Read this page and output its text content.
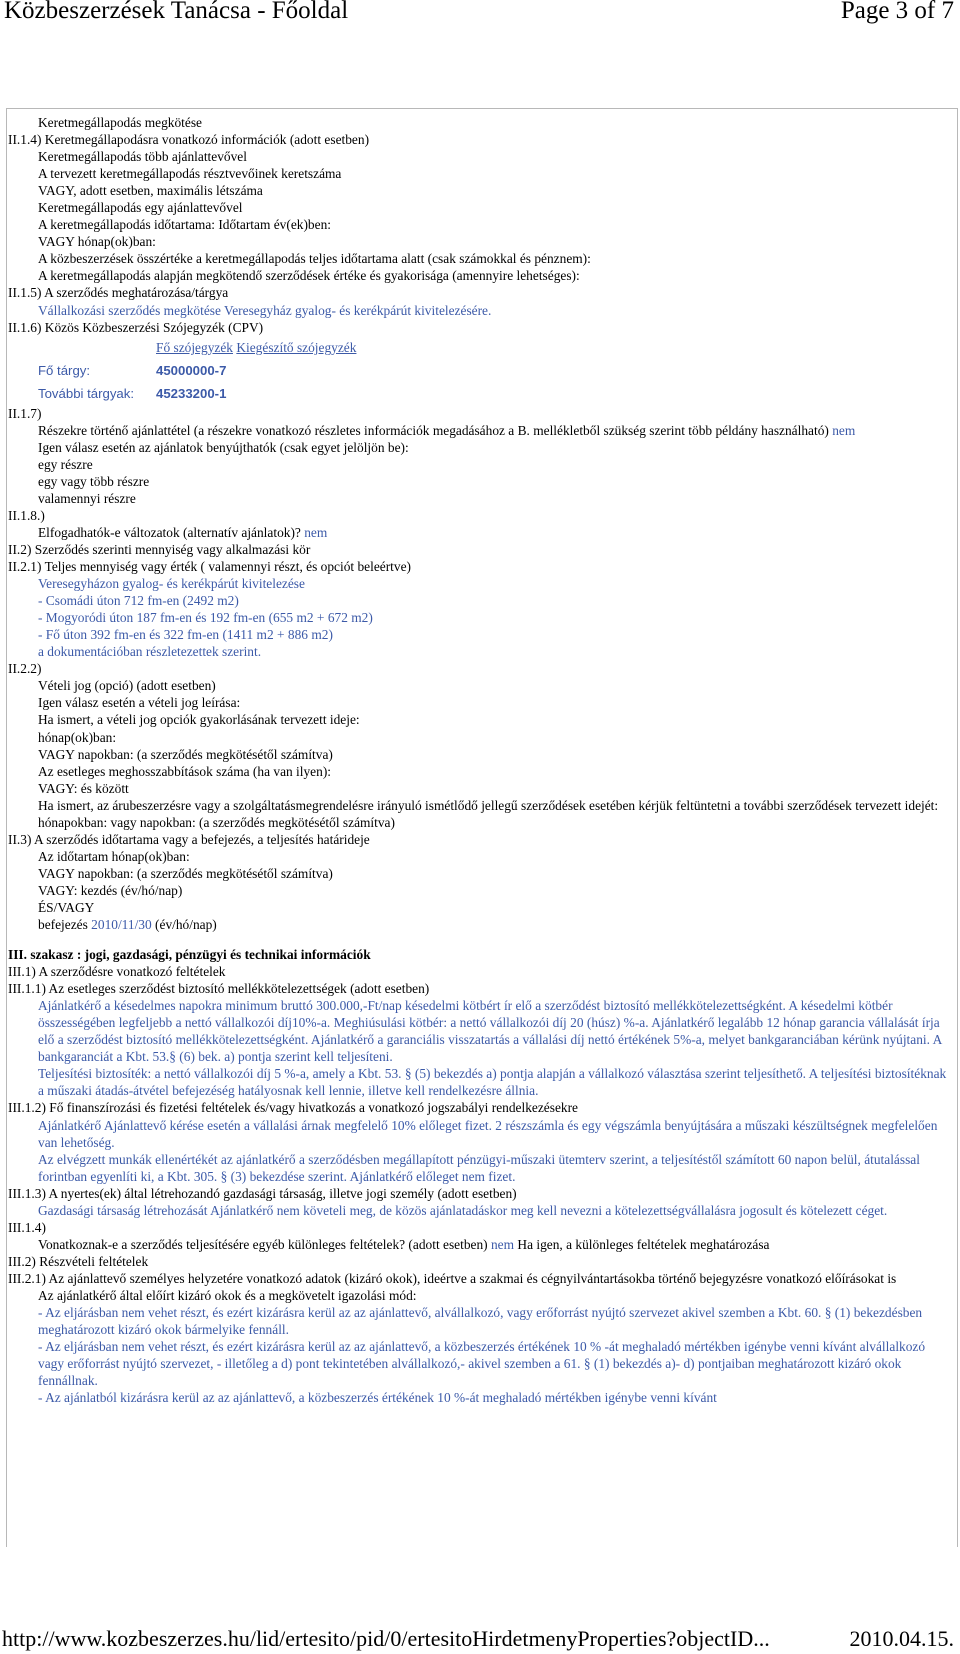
Közbeszerzések Tanácsa - Főoldal	Page 3 of 7
Keretmegállapodás megkötése
II.1.4) Keretmegállapodásra vonatkozó információk (adott esetben)
Keretmegállapodás több ajánlattevővel
A tervezett keretmegállapodás résztvevőinek keretszáma
VAGY, adott esetben, maximális létszáma
Keretmegállapodás egy ajánlattevővel
A keretmegállapodás időtartama: Időtartam év(ek)ben:
VAGY hónap(ok)ban:
A közbeszerzések összértéke a keretmegállapodás teljes időtartama alatt (csak számokkal és pénznem):
A keretmegállapodás alapján megkötendő szerződések értéke és gyakorisága (amennyire lehetséges):
II.1.5) A szerződés meghatározása/tárgya
Vállalkozási szerződés megkötése Veresegyház gyalog- és kerékpárút kivitelezésére.
II.1.6) Közös Közbeszerzési Szójegyzék (CPV)
Fő szójegyzék Kiegészítő szójegyzék
Fő tárgy:	45000000-7
További tárgyak: 45233200-1
II.1.7)
Részekre történő ajánlattétel (a részekre vonatkozó részletes információk megadásához a B. mellékletből szükség szerint több példány használható) nem
Igen válasz esetén az ajánlatok benyújthatók (csak egyet jelöljön be):
egy részre
egy vagy több részre
valamennyi részre
II.1.8.)
Elfogadhatók-e változatok (alternatív ajánlatok)? nem
II.2) Szerződés szerinti mennyiség vagy alkalmazási kör
II.2.1) Teljes mennyiség vagy érték ( valamennyi részt, és opciót beleértve)
Veresegyházon gyalog- és kerékpárút kivitelezése
- Csomádi úton 712 fm-en (2492 m2)
- Mogyoródi úton 187 fm-en és 192 fm-en (655 m2 + 672 m2)
- Fő úton 392 fm-en és 322 fm-en (1411 m2 + 886 m2)
a dokumentációban részletezettek szerint.
II.2.2)
Vételi jog (opció) (adott esetben)
Igen válasz esetén a vételi jog leírása:
Ha ismert, a vételi jog opciók gyakorlásának tervezett ideje:
hónap(ok)ban:
VAGY napokban: (a szerződés megkötésétől számítva)
Az esetleges meghosszabbítások száma (ha van ilyen):
VAGY: és között
Ha ismert, az árubeszerzésre vagy a szolgáltatásmegrendelésre irányuló ismétlődő jellegű szerződések esetében kérjük feltüntetni a további szerződések tervezett idejét: hónapokban: vagy napokban: (a szerződés megkötésétől számítva)
II.3) A szerződés időtartama vagy a befejezés, a teljesítés határideje
Az időtartam hónap(ok)ban:
VAGY napokban: (a szerződés megkötésétől számítva)
VAGY: kezdés (év/hó/nap)
ÉS/VAGY
befejezés 2010/11/30 (év/hó/nap)
III. szakasz : jogi, gazdasági, pénzügyi és technikai információk
III.1) A szerződésre vonatkozó feltételek
III.1.1) Az esetleges szerződést biztosító mellékkötelezettségek (adott esetben)
Ajánlatkérő a késedelmes napokra minimum bruttó 300.000,-Ft/nap késedelmi kötbért ír elő a szerződést biztosító mellékkötelezettségként. A késedelmi kötbér összességében legfeljebb a nettó vállalkozói díj10%-a. Meghiúsulási kötbér: a nettó vállalkozói díj 20 (húsz) %-a. Ajánlatkérő legalább 12 hónap garancia vállalását írja elő a szerződést biztosító mellékkötelezettségként. Ajánlatkérő a garanciális visszatartás a vállalási díj nettó értékének 5%-a, melyet bankgaranciában kérünk nyújtani. A bankgaranciát a Kbt. 53.§ (6) bek. a) pontja szerint kell teljesíteni.
Teljesítési biztosíték: a nettó vállalkozói díj 5 %-a, amely a Kbt. 53. § (5) bekezdés a) pontja alapján a vállalkozó választása szerint teljesíthető. A teljesítési biztosítéknak a műszaki átadás-átvétel befejezéség hatályosnak kell lennie, illetve kell rendelkezésre állnia.
III.1.2) Fő finanszírozási és fizetési feltételek és/vagy hivatkozás a vonatkozó jogszabályi rendelkezésekre
Ajánlatkérő Ajánlattevő kérése esetén a vállalási árnak megfelelő 10% előleget fizet. 2 részszámla és egy végszámla benyújtására a műszaki készültségnek megfelelően van lehetőség.
Az elvégzett munkák ellenértékét az ajánlatkérő a szerződésben megállapított pénzügyi-műszaki ütemterv szerint, a teljesítéstől számított 60 napon belül, átutalással forintban egyenlíti ki, a Kbt. 305. § (3) bekezdése szerint. Ajánlatkérő előleget nem fizet.
III.1.3) A nyertes(ek) által létrehozandó gazdasági társaság, illetve jogi személy (adott esetben)
Gazdasági társaság létrehozását Ajánlatkérő nem követeli meg, de közös ajánlatadáskor meg kell nevezni a kötelezettségvállalásra jogosult és kötelezett céget.
III.1.4)
Vonatkoznak-e a szerződés teljesítésére egyéb különleges feltételek? (adott esetben) nem Ha igen, a különleges feltételek meghatározása
III.2) Részvételi feltételek
III.2.1) Az ajánlattevő személyes helyzetére vonatkozó adatok (kizáró okok), ideértve a szakmai és cégnyilvántartásokba történő bejegyzésre vonatkozó előírásokat is
Az ajánlatkérő által előírt kizáró okok és a megkövetelt igazolási mód:
- Az eljárásban nem vehet részt, és ezért kizárásra kerül az az ajánlattevő, alvállalkozó, vagy erőforrást nyújtó szervezet akivel szemben a Kbt. 60. § (1) bekezdésben meghatározott kizáró okok bármelyike fennáll.
- Az eljárásban nem vehet részt, és ezért kizárásra kerül az az ajánlattevő, a közbeszerzés értékének 10 % -át meghaladó mértékben igénybe venni kívánt alvállalkozó vagy erőforrást nyújtó szervezet, - illetőleg a d) pont tekintetében alvállalkozó,- akivel szemben a 61. § (1) bekezdés a)- d) pontjaiban meghatározott kizáró okok fennállnak.
- Az ajánlatból kizárásra kerül az az ajánlattevő, a közbeszerzés értékének 10 %-át meghaladó mértékben igénybe venni kívánt
http://www.kozbeszerzes.hu/lid/ertesito/pid/0/ertesitoHirdetmenyProperties?objectID...	2010.04.15.
